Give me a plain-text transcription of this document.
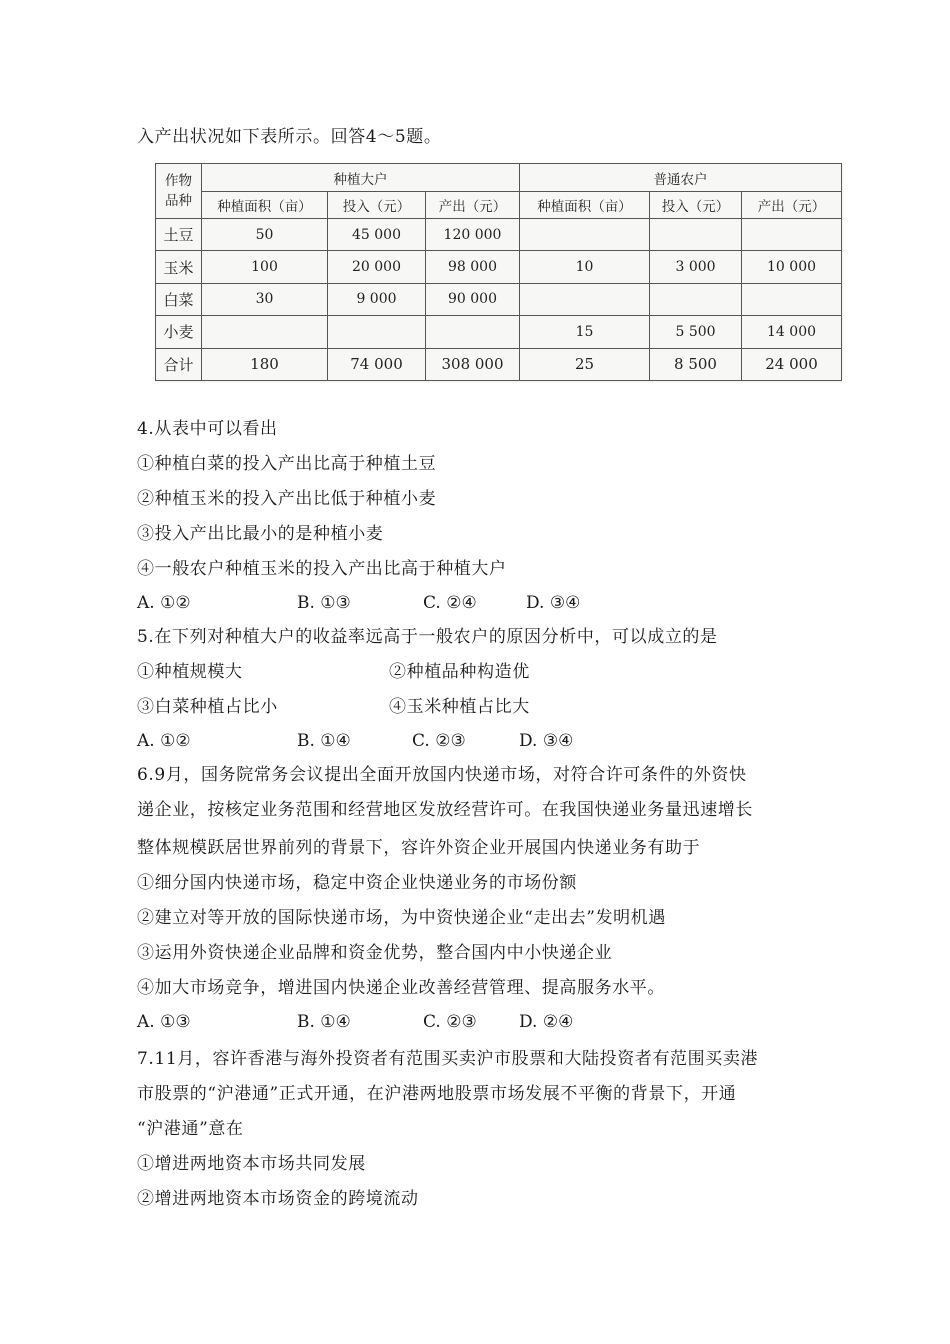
入产出状况如下表所示。回答4～5题。
作物
品种	种植大户			普通农户		
	种植面积（亩）	投入（元）	产出（元）	种植面积（亩）	投入（元）	产出（元）
土豆	50	45 000	120 000			
玉米	100	20 000	98 000	10	3 000	10 000
白菜	30	9 000	90 000			
小麦				15	5 500	14 000
合计	180	74 000	308 000	25	8 500	24 000
4.从表中可以看出
①种植白菜的投入产出比高于种植土豆
②种植玉米的投入产出比低于种植小麦
③投入产出比最小的是种植小麦
④一般农户种植玉米的投入产出比高于种植大户
A. ①②	B. ①③	C. ②④	D. ③④
5.在下列对种植大户的收益率远高于一般农户的原因分析中，可以成立的是
①种植规模大	②种植品种构造优
③白菜种植占比小	④玉米种植占比大
A. ①②	B. ①④	C. ②③	D. ③④
6.9月，国务院常务会议提出全面开放国内快递市场，对符合许可条件的外资快
递企业，按核定业务范围和经营地区发放经营许可。在我国快递业务量迅速增长
整体规模跃居世界前列的背景下，容许外资企业开展国内快递业务有助于
①细分国内快递市场，稳定中资企业快递业务的市场份额
②建立对等开放的国际快递市场，为中资快递企业“走出去”发明机遇
③运用外资快递企业品牌和资金优势，整合国内中小快递企业
④加大市场竞争，增进国内快递企业改善经营管理、提高服务水平。
A. ①③	B. ①④	C. ②③ D. ②④
7.11月，容许香港与海外投资者有范围买卖沪市股票和大陆投资者有范围买卖港
市股票的“沪港通”正式开通，在沪港两地股票市场发展不平衡的背景下，开通
“沪港通”意在
①增进两地资本市场共同发展
②增进两地资本市场资金的跨境流动
